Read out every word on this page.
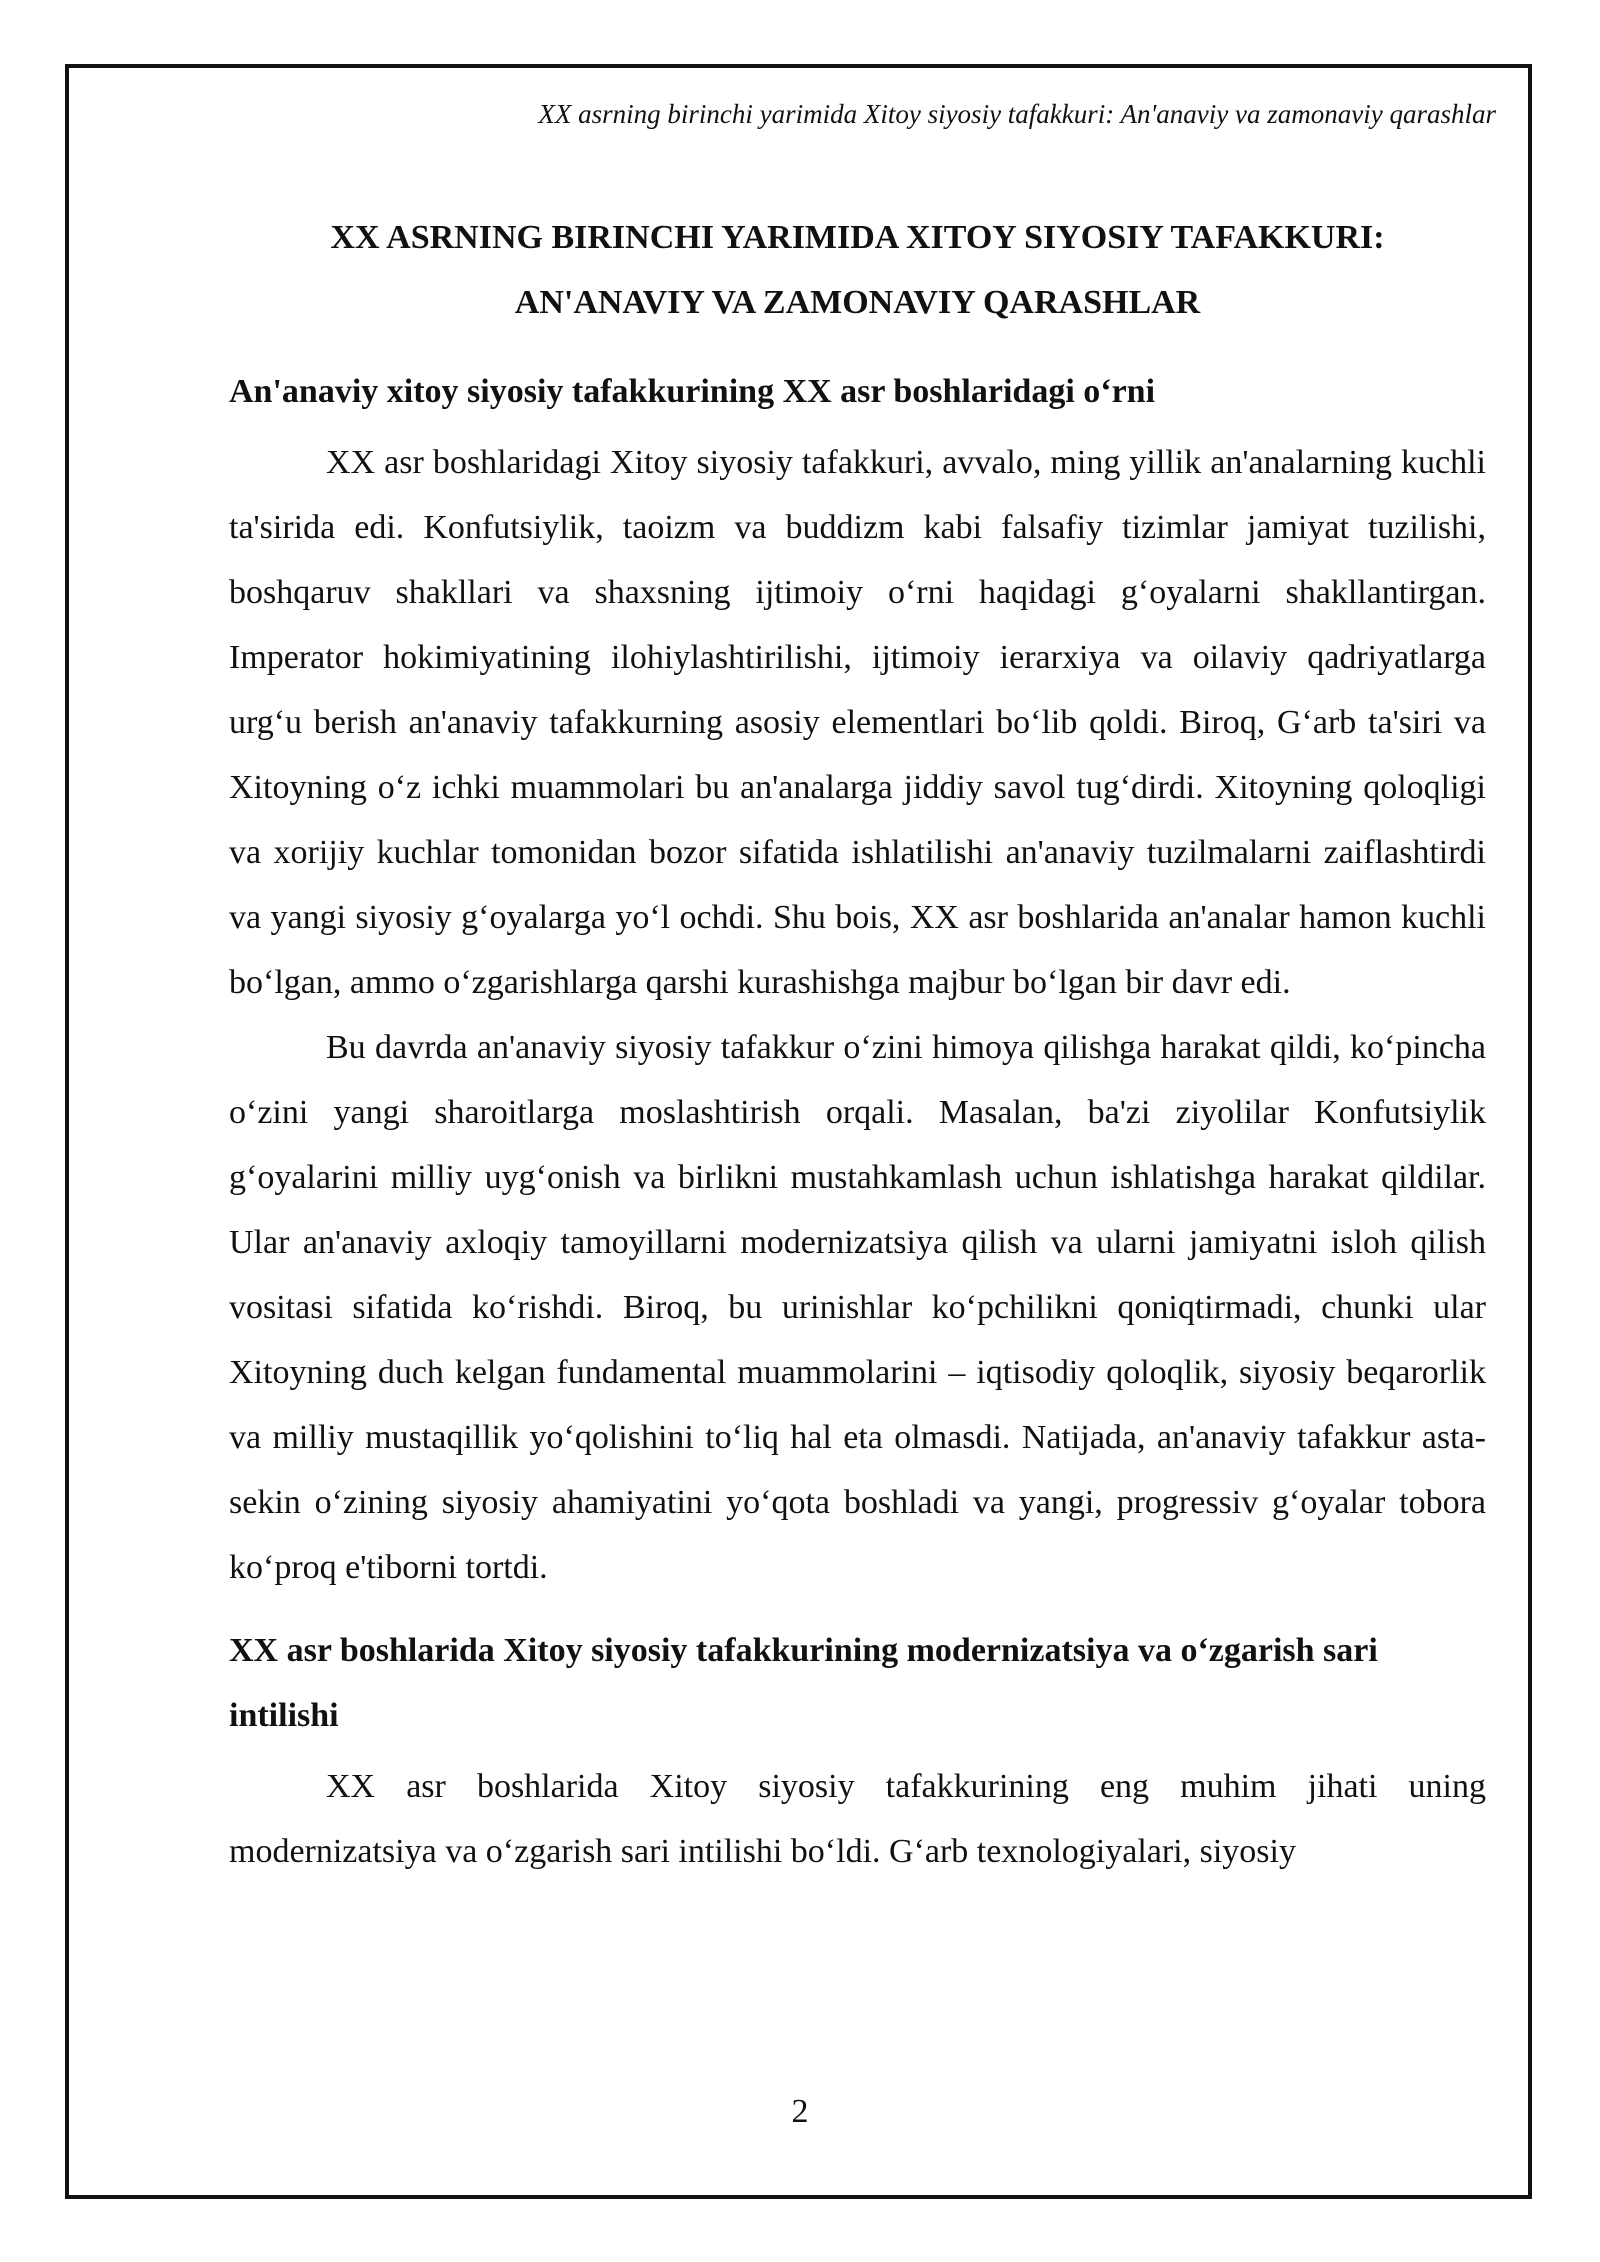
XX asrning birinchi yarimida Xitoy siyosiy tafakkuri: An'anaviy va zamonaviy qarashlar
XX ASRNING BIRINCHI YARIMIDA XITOY SIYOSIY TAFAKKURI:
AN'ANAVIY VA ZAMONAVIY QARASHLAR
An'anaviy xitoy siyosiy tafakkurining XX asr boshlaridagi o‘rni

XX asr boshlaridagi Xitoy siyosiy tafakkuri, avvalo, ming yillik an'analarning kuchli ta'sirida edi. Konfutsiylik, taoizm va buddizm kabi falsafiy tizimlar jamiyat tuzilishi, boshqaruv shakllari va shaxsning ijtimoiy o‘rni haqidagi g‘oyalarni shakllantirgan. Imperator hokimiyatining ilohiylashtirilishi, ijtimoiy ierarxiya va oilaviy qadriyatlarga urg‘u berish an'anaviy tafakkurning asosiy elementlari bo‘lib qoldi. Biroq, G‘arb ta'siri va Xitoyning o‘z ichki muammolari bu an'analarga jiddiy savol tug‘dirdi. Xitoyning qoloqligi va xorijiy kuchlar tomonidan bozor sifatida ishlatilishi an'anaviy tuzilmalarni zaiflashtirdi va yangi siyosiy g‘oyalarga yo‘l ochdi. Shu bois, XX asr boshlarida an'analar hamon kuchli bo‘lgan, ammo o‘zgarishlarga qarshi kurashishga majbur bo‘lgan bir davr edi.

Bu davrda an'anaviy siyosiy tafakkur o‘zini himoya qilishga harakat qildi, ko‘pincha o‘zini yangi sharoitlarga moslashtirish orqali. Masalan, ba'zi ziyolilar Konfutsiylik g‘oyalarini milliy uyg‘onish va birlikni mustahkamlash uchun ishlatishga harakat qildilar. Ular an'anaviy axloqiy tamoyillarni modernizatsiya qilish va ularni jamiyatni isloh qilish vositasi sifatida ko‘rishdi. Biroq, bu urinishlar ko‘pchilikni qoniqtirmadi, chunki ular Xitoyning duch kelgan fundamental muammolarini – iqtisodiy qoloqlik, siyosiy beqarorlik va milliy mustaqillik yo‘qolishini to‘liq hal eta olmasdi. Natijada, an'anaviy tafakkur asta-sekin o‘zining siyosiy ahamiyatini yo‘qota boshladi va yangi, progressiv g‘oyalar tobora ko‘proq e'tiborni tortdi.

XX asr boshlarida Xitoy siyosiy tafakkurining modernizatsiya va o‘zgarish sari intilishi

XX asr boshlarida Xitoy siyosiy tafakkurining eng muhim jihati uning modernizatsiya va o‘zgarish sari intilishi bo‘ldi. G‘arb texnologiyalari, siyosiy

2
